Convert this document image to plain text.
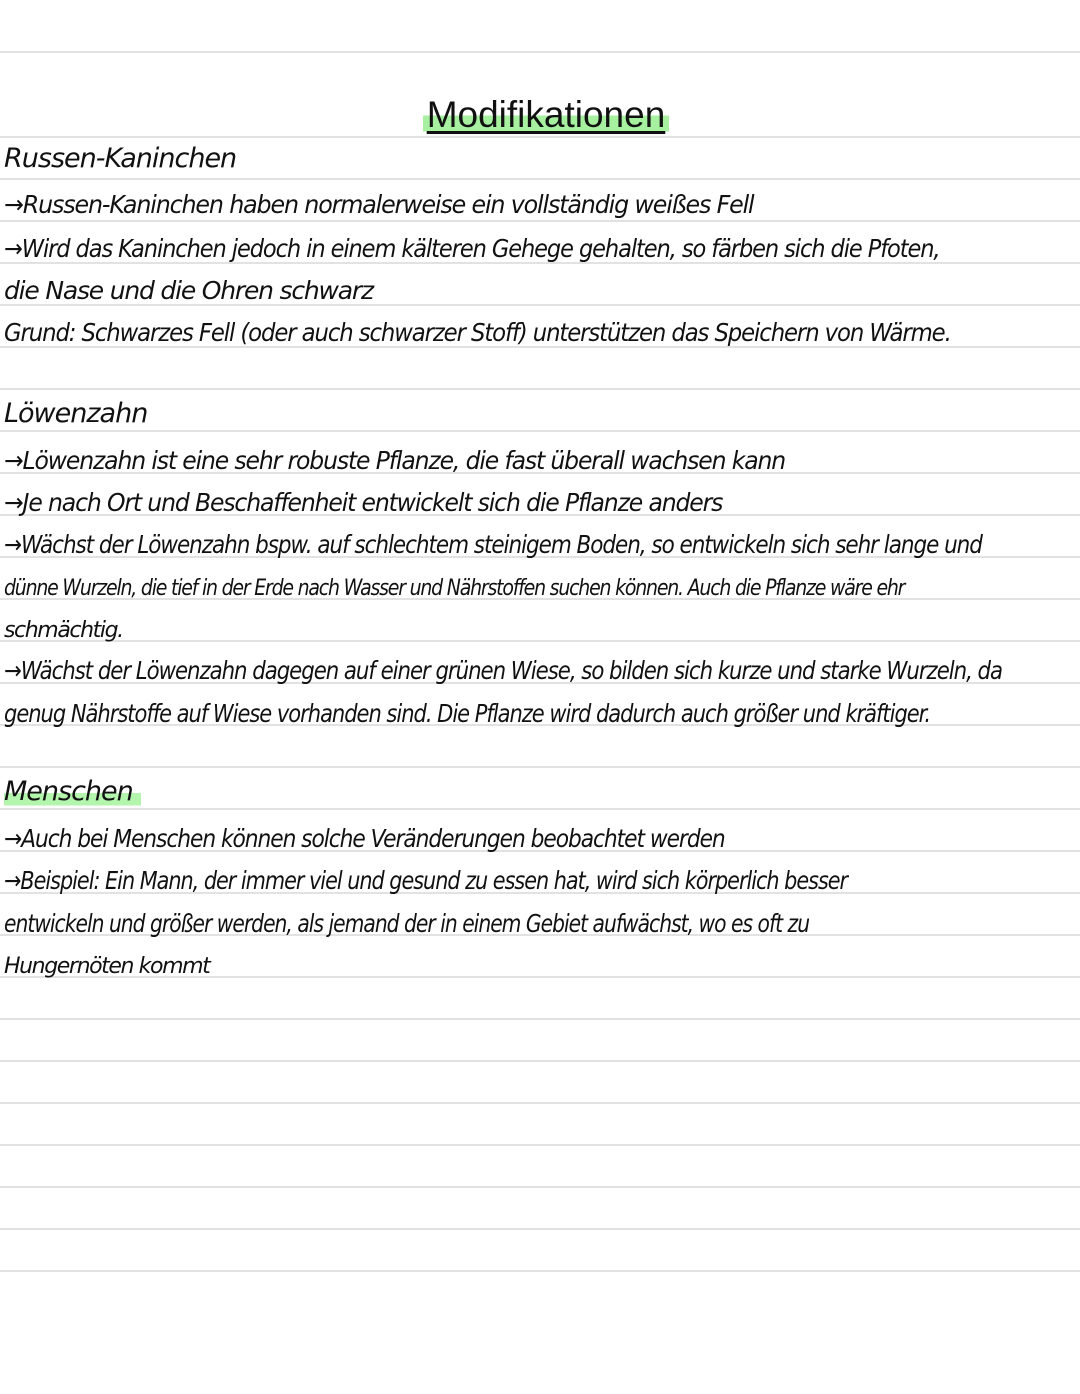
Modifikationen
Russen-Kaninchen
→Russen-Kaninchen haben normalerweise ein vollständig weißes Fell
→Wird das Kaninchen jedoch in einem kälteren Gehege gehalten, so färben sich die Pfoten,
die Nase und die Ohren schwarz
Grund: Schwarzes Fell (oder auch schwarzer Stoff) unterstützen das Speichern von Wärme.
Löwenzahn
→Löwenzahn ist eine sehr robuste Pflanze, die fast überall wachsen kann
→Je nach Ort und Beschaffenheit entwickelt sich die Pflanze anders
→Wächst der Löwenzahn bspw. auf schlechtem steinigem Boden, so entwickeln sich sehr lange und
dünne Wurzeln, die tief in der Erde nach Wasser und Nährstoffen suchen können. Auch die Pflanze wäre ehr
schmächtig.
→Wächst der Löwenzahn dagegen auf einer grünen Wiese, so bilden sich kurze und starke Wurzeln, da
genug Nährstoffe auf Wiese vorhanden sind. Die Pflanze wird dadurch auch größer und kräftiger.
Menschen
→Auch bei Menschen können solche Veränderungen beobachtet werden
→Beispiel: Ein Mann, der immer viel und gesund zu essen hat, wird sich körperlich besser
entwickeln und größer werden, als jemand der in einem Gebiet aufwächst, wo es oft zu
Hungernöten kommt
